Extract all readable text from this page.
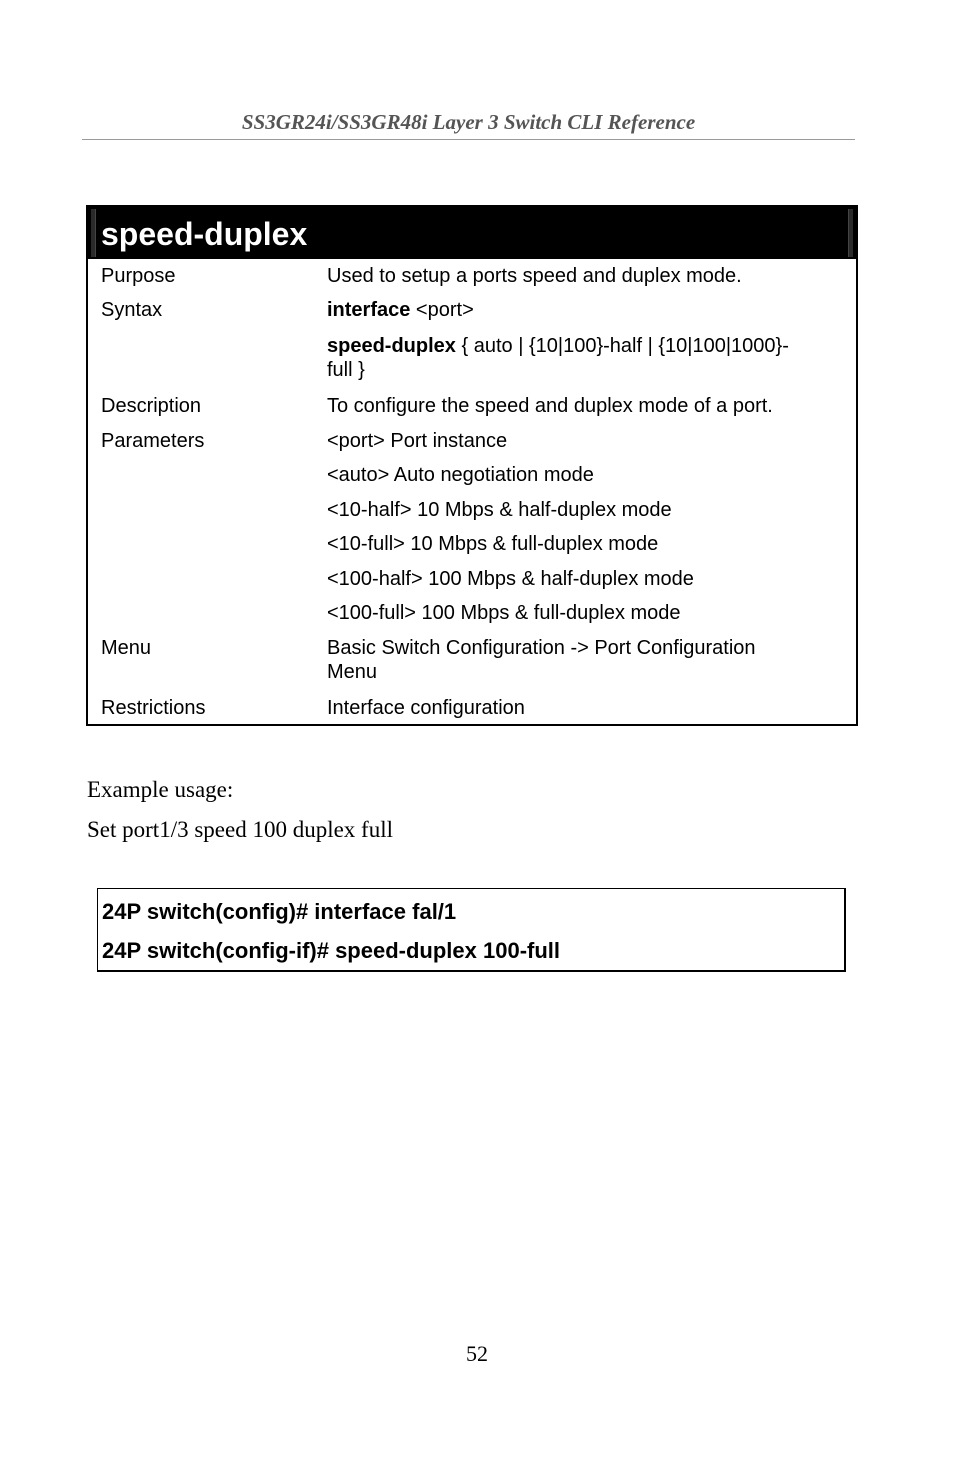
SS3GR24i/SS3GR48i Layer 3 Switch CLI Reference
speed-duplex
Purpose	Used to setup a ports speed and duplex mode.
Syntax	interface <port>
speed-duplex { auto | {10|100}-half | {10|100|1000}-
full }
Description	To configure the speed and duplex mode of a port.
Parameters	<port> Port instance
<auto> Auto negotiation mode
<10-half> 10 Mbps & half-duplex mode
<10-full> 10 Mbps & full-duplex mode
<100-half> 100 Mbps & half-duplex mode
<100-full> 100 Mbps & full-duplex mode
Menu	Basic Switch Configuration -> Port Configuration
Menu
Restrictions	Interface configuration
Example usage:
Set port1/3 speed 100 duplex full
24P switch(config)# interface fal/1
24P switch(config-if)# speed-duplex 100-full
52
